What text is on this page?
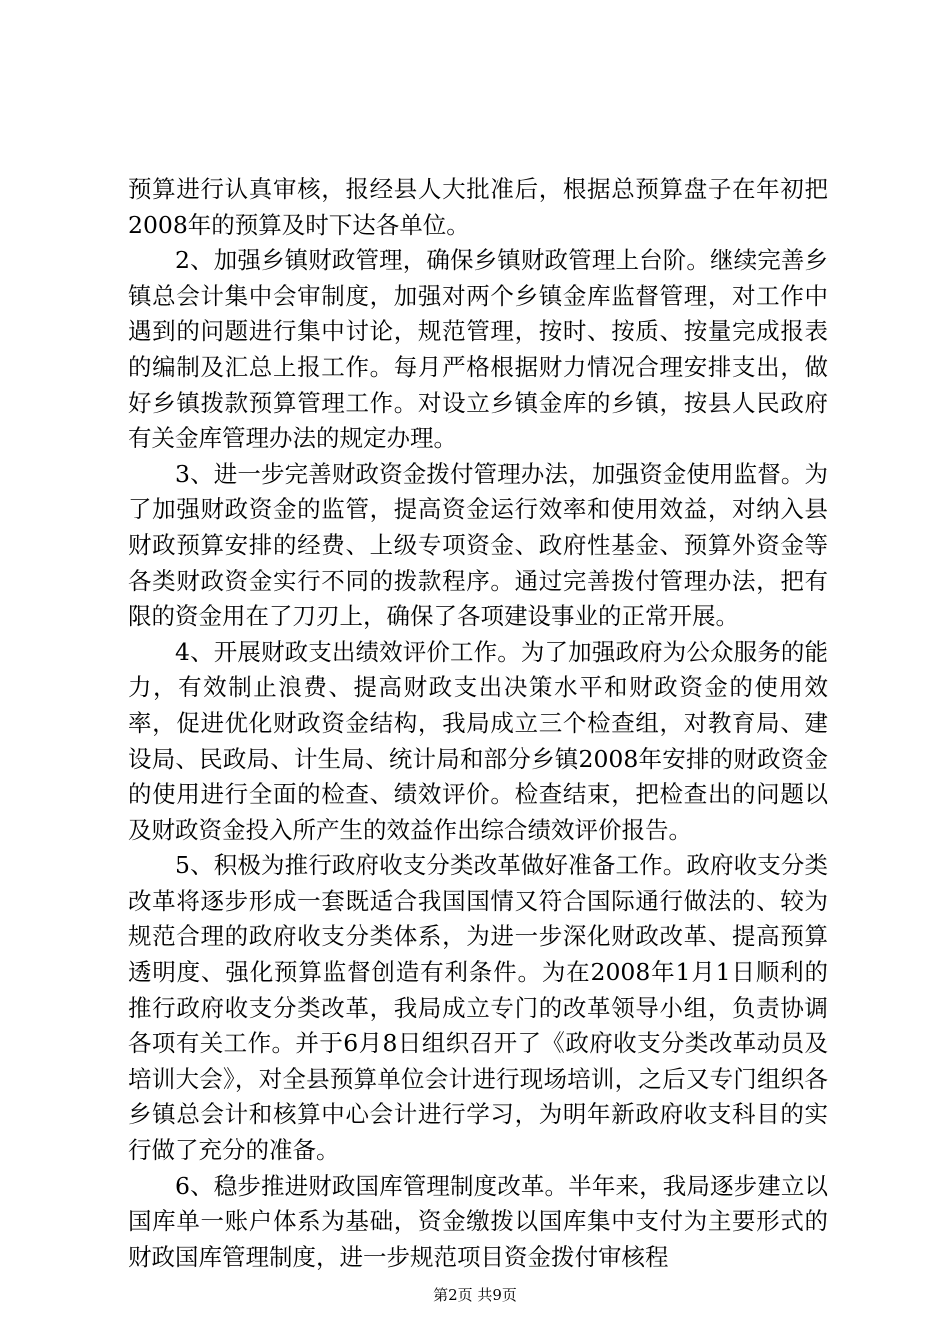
预算进行认真审核，报经县人大批准后，根据总预算盘子在年初把2008年的预算及时下达各单位。

2、加强乡镇财政管理，确保乡镇财政管理上台阶。继续完善乡镇总会计集中会审制度，加强对两个乡镇金库监督管理，对工作中遇到的问题进行集中讨论，规范管理，按时、按质、按量完成报表的编制及汇总上报工作。每月严格根据财力情况合理安排支出，做好乡镇拨款预算管理工作。对设立乡镇金库的乡镇，按县人民政府有关金库管理办法的规定办理。

3、进一步完善财政资金拨付管理办法，加强资金使用监督。为了加强财政资金的监管，提高资金运行效率和使用效益，对纳入县财政预算安排的经费、上级专项资金、政府性基金、预算外资金等各类财政资金实行不同的拨款程序。通过完善拨付管理办法，把有限的资金用在了刀刃上，确保了各项建设事业的正常开展。

4、开展财政支出绩效评价工作。为了加强政府为公众服务的能力，有效制止浪费、提高财政支出决策水平和财政资金的使用效率，促进优化财政资金结构，我局成立三个检查组，对教育局、建设局、民政局、计生局、统计局和部分乡镇2008年安排的财政资金的使用进行全面的检查、绩效评价。检查结束，把检查出的问题以及财政资金投入所产生的效益作出综合绩效评价报告。

5、积极为推行政府收支分类改革做好准备工作。政府收支分类改革将逐步形成一套既适合我国国情又符合国际通行做法的、较为规范合理的政府收支分类体系，为进一步深化财政改革、提高预算透明度、强化预算监督创造有利条件。为在2008年1月1日顺利的推行政府收支分类改革，我局成立专门的改革领导小组，负责协调各项有关工作。并于6月8日组织召开了《政府收支分类改革动员及培训大会》，对全县预算单位会计进行现场培训，之后又专门组织各乡镇总会计和核算中心会计进行学习，为明年新政府收支科目的实行做了充分的准备。

6、稳步推进财政国库管理制度改革。半年来，我局逐步建立以国库单一账户体系为基础，资金缴拨以国库集中支付为主要形式的财政国库管理制度，进一步规范项目资金拨付审核程

第2页 共9页
